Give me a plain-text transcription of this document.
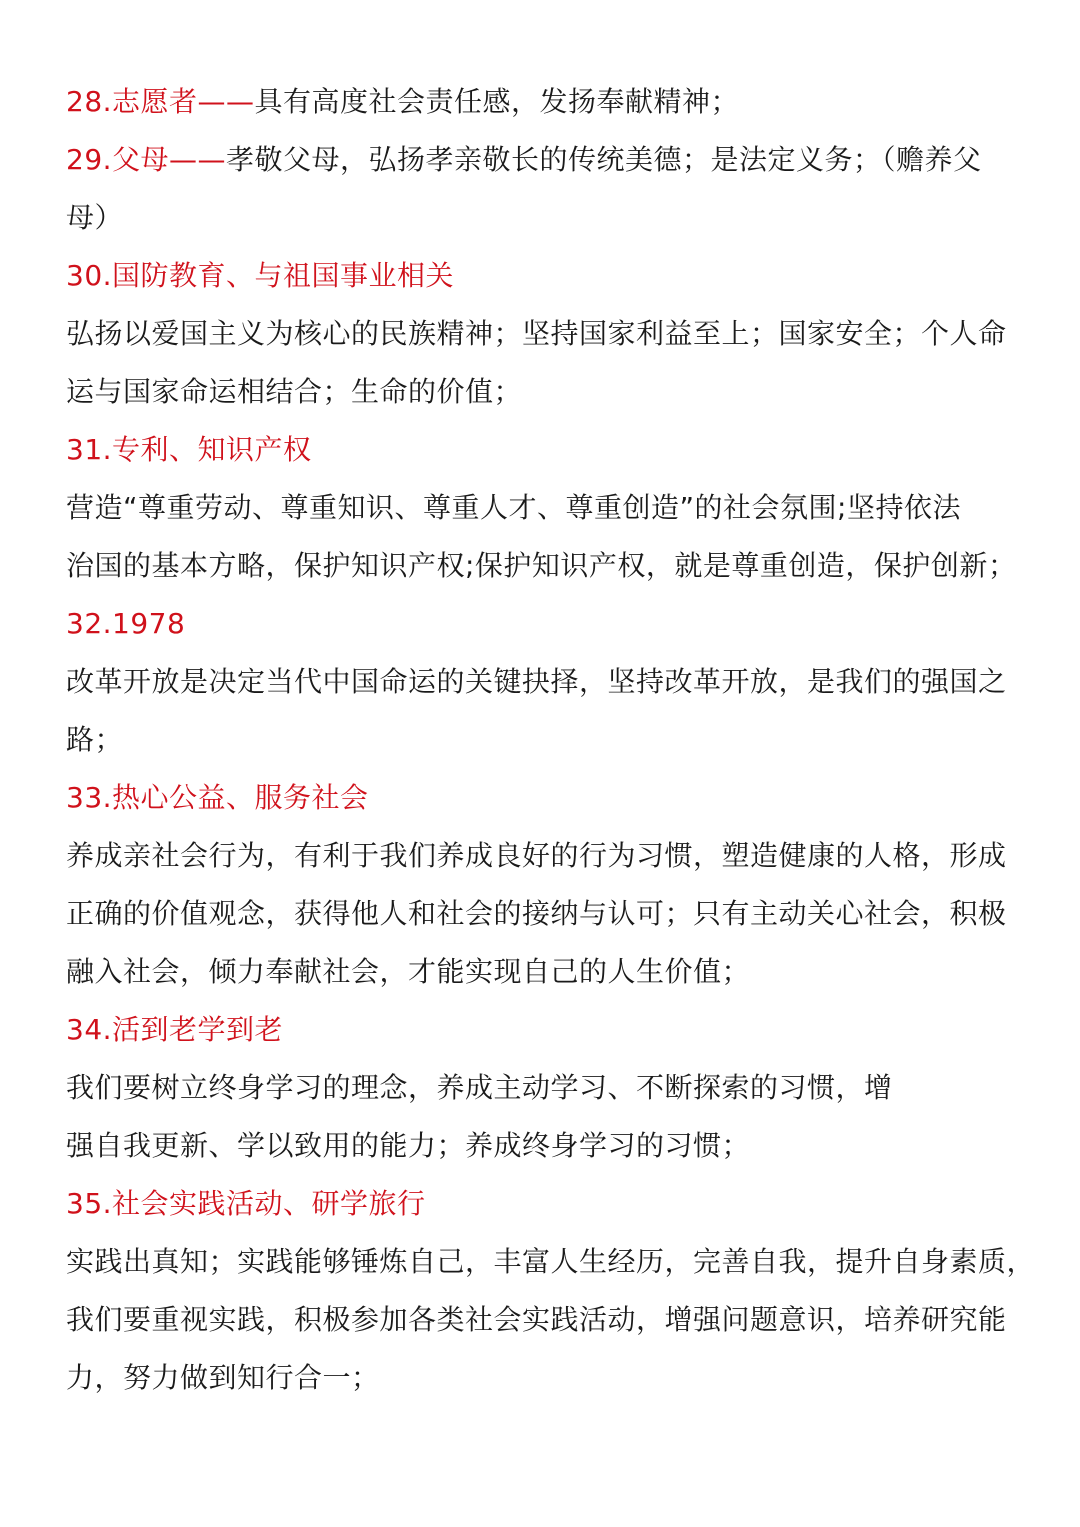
28.志愿者——具有高度社会责任感，发扬奉献精神；
29.父母——孝敬父母，弘扬孝亲敬长的传统美德；是法定义务；（赡养父
母）
30.国防教育、与祖国事业相关
弘扬以爱国主义为核心的民族精神；坚持国家利益至上；国家安全；个人命
运与国家命运相结合；生命的价值；
31.专利、知识产权
营造“尊重劳动、尊重知识、尊重人才、尊重创造”的社会氛围;坚持依法
治国的基本方略，保护知识产权;保护知识产权，就是尊重创造，保护创新；
32.1978
改革开放是决定当代中国命运的关键抉择，坚持改革开放，是我们的强国之
路；
33.热心公益、服务社会
养成亲社会行为，有利于我们养成良好的行为习惯，塑造健康的人格，形成
正确的价值观念，获得他人和社会的接纳与认可；只有主动关心社会，积极
融入社会，倾力奉献社会，才能实现自己的人生价值；
34.活到老学到老
我们要树立终身学习的理念，养成主动学习、不断探索的习惯，增
强自我更新、学以致用的能力；养成终身学习的习惯；
35.社会实践活动、研学旅行
实践出真知；实践能够锤炼自己，丰富人生经历，完善自我，提升自身素质，
我们要重视实践，积极参加各类社会实践活动，增强问题意识，培养研究能
力，努力做到知行合一；
